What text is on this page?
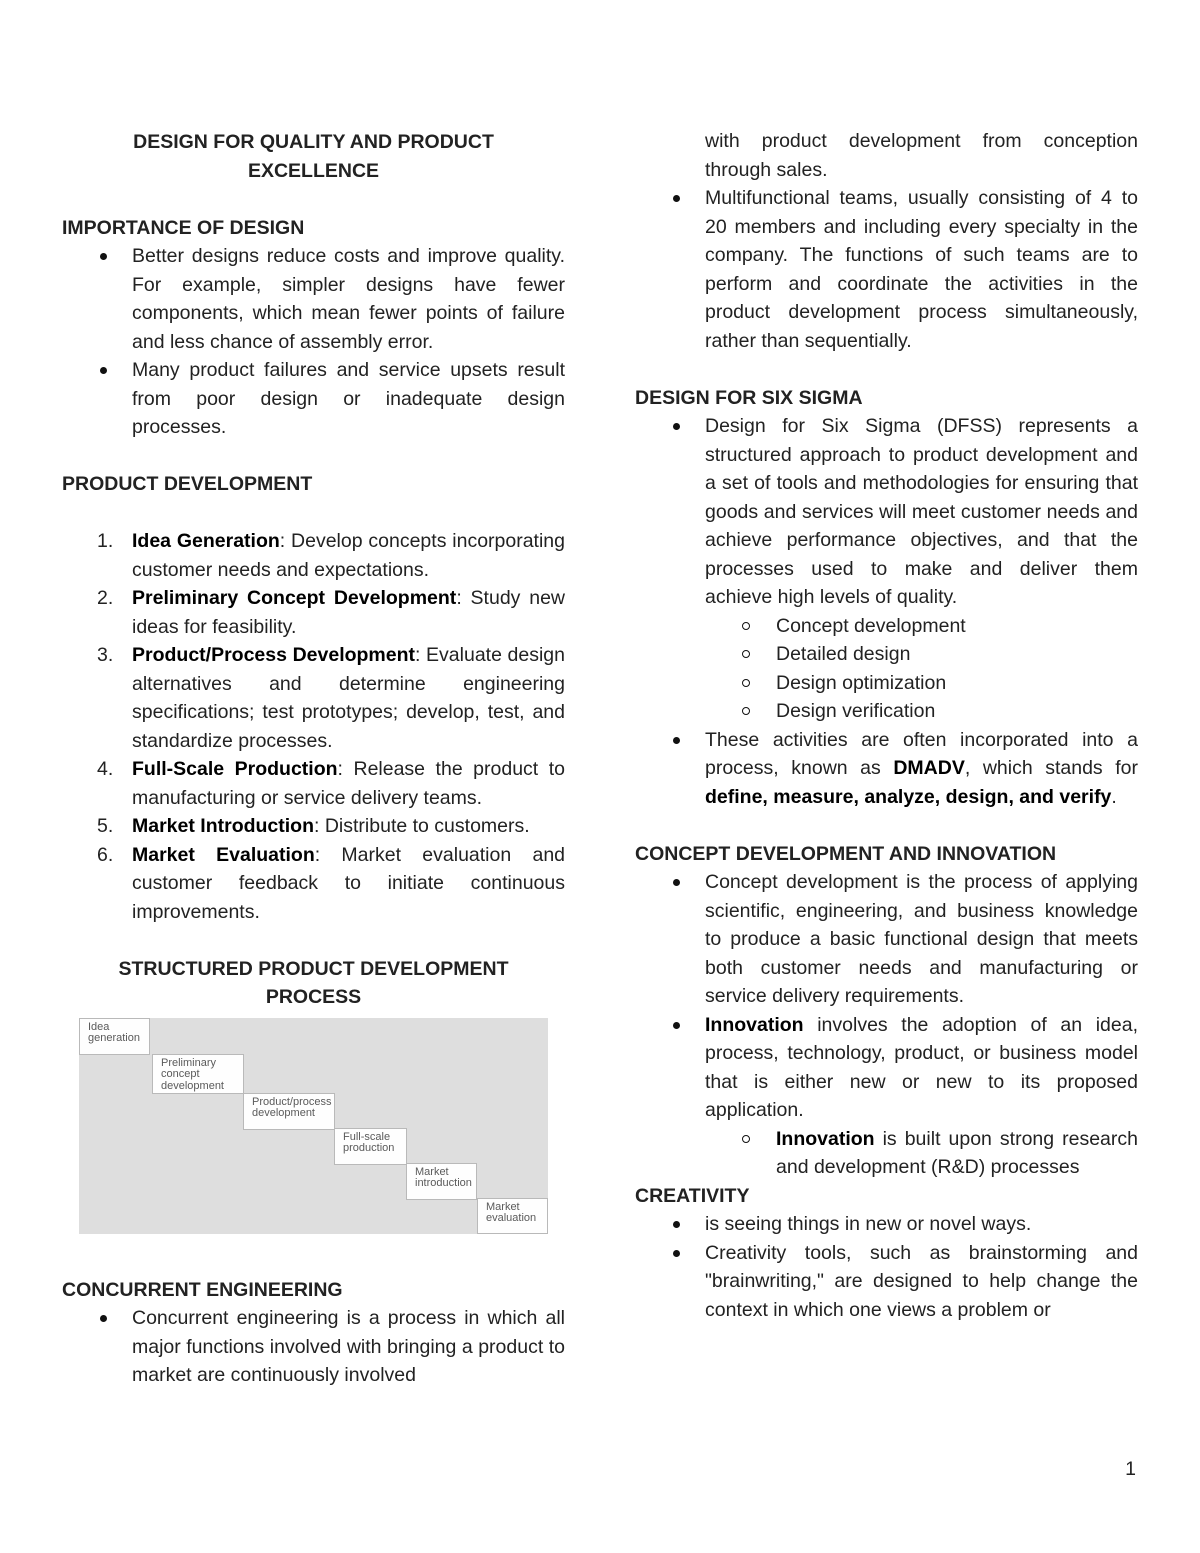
DESIGN FOR QUALITY AND PRODUCT

EXCELLENCE

IMPORTANCE OF DESIGN

Better designs reduce costs and improve quality. For example, simpler designs have fewer components, which mean fewer points of failure and less chance of assembly error.
Many product failures and service upsets result from poor design or inadequate design processes.

PRODUCT DEVELOPMENT

1. Idea Generation: Develop concepts incorporating customer needs and expectations.
2. Preliminary Concept Development: Study new ideas for feasibility.
3. Product/Process Development: Evaluate design alternatives and determine engineering specifications; test prototypes; develop, test, and standardize processes.
4. Full-Scale Production: Release the product to manufacturing or service delivery teams.
5. Market Introduction: Distribute to customers.
6. Market Evaluation: Market evaluation and customer feedback to initiate continuous improvements.

STRUCTURED PRODUCT DEVELOPMENT

PROCESS

Idea
generation
Preliminary
concept
development
Product/process
development
Full-scale
production
Market
introduction
Market
evaluation

CONCURRENT ENGINEERING

Concurrent engineering is a process in which all major functions involved with bringing a product to market are continuously involved
with product development from conception through sales.
Multifunctional teams, usually consisting of 4 to 20 members and including every specialty in the company. The functions of such teams are to perform and coordinate the activities in the product development process simultaneously, rather than sequentially.

DESIGN FOR SIX SIGMA

Design for Six Sigma (DFSS) represents a structured approach to product development and a set of tools and methodologies for ensuring that goods and services will meet customer needs and achieve performance objectives, and that the processes used to make and deliver them achieve high levels of quality.
Concept development
Detailed design
Design optimization
Design verification
These activities are often incorporated into a process, known as DMADV, which stands for define, measure, analyze, design, and verify.

CONCEPT DEVELOPMENT AND INNOVATION

Concept development is the process of applying scientific, engineering, and business knowledge to produce a basic functional design that meets both customer needs and manufacturing or service delivery requirements.
Innovation involves the adoption of an idea, process, technology, product, or business model that is either new or new to its proposed application.
Innovation is built upon strong research and development (R&D) processes

CREATIVITY

is seeing things in new or novel ways.
Creativity tools, such as brainstorming and "brainwriting," are designed to help change the context in which one views a problem or
1
